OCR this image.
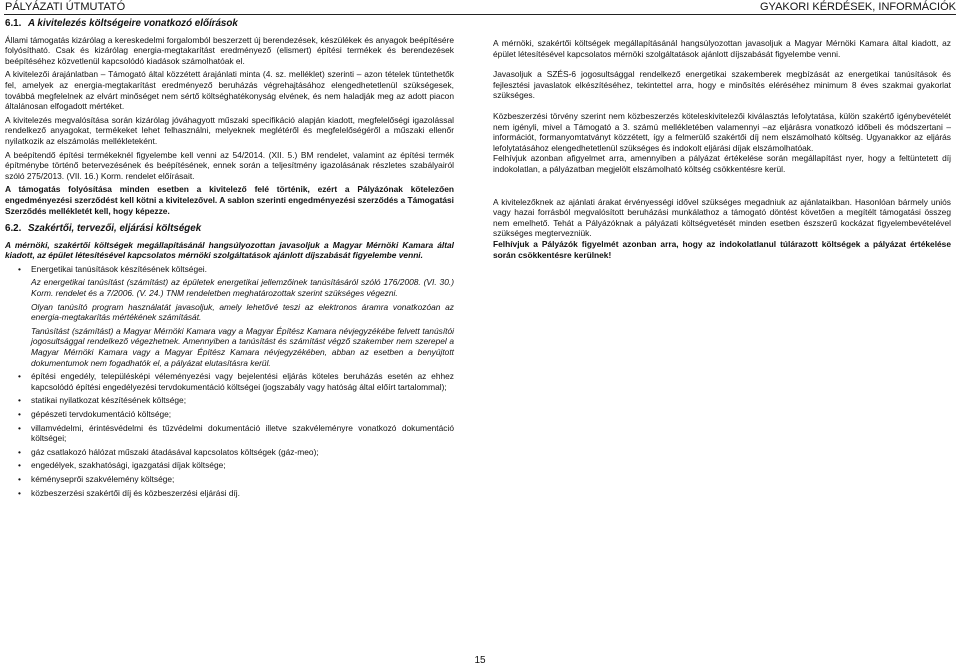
PÁLYÁZATI ÚTMUTATÓ	GYAKORI KÉRDÉSEK, INFORMÁCIÓK
6.1. A kivitelezés költségeire vonatkozó előírások

Állami támogatás kizárólag a kereskedelmi forgalomból beszerzett új berendezések, készülékek és anyagok beépítésére folyósítható. Csak és kizárólag energia-megtakarítást eredményező (elismert) építési termékek és berendezések beépítéséhez közvetlenül kapcsolódó kiadások számolhatóak el.

A kivitelezői árajánlatban – Támogató által közzétett árajánlati minta (4. sz. melléklet) szerinti – azon tételek tüntethetők fel, amelyek az energia-megtakarítást eredményező beruházás végrehajtásához elengedhetetlenül szükségesek, továbbá megfelelnek az elvárt minőséget nem sértő költséghatékonyság elvének, és nem haladják meg az adott piacon általánosan elfogadott mértéket.

A kivitelezés megvalósítása során kizárólag jóváhagyott műszaki specifikáció alapján kiadott, megfelelőségi igazolással rendelkező anyagokat, termékeket lehet felhasználni, melyeknek meglétéről és megfelelőségéről a műszaki ellenőr nyilatkozik az elszámolás mellékleteként.

A beépítendő építési termékeknél figyelembe kell venni az 54/2014. (XII. 5.) BM rendelet, valamint az építési termék építménybe történő betervezésének és beépítésének, ennek során a teljesítmény igazolásának részletes szabályairól szóló 275/2013. (VII. 16.) Korm. rendelet előírásait.

A támogatás folyósítása minden esetben a kivitelező felé történik, ezért a Pályázónak kötelezően engedményezési szerződést kell kötni a kivitelezővel. A sablon szerinti engedményezési szerződés a Támogatási Szerződés mellékletét kell, hogy képezze.

6.2. Szakértői, tervezői, eljárási költségek

A mérnöki, szakértői költségek megállapításánál hangsúlyozottan javasoljuk a Magyar Mérnöki Kamara által kiadott, az épület létesítésével kapcsolatos mérnöki szolgáltatások ajánlott díjszabását figyelembe venni.

• Energetikai tanúsítások készítésének költségei.

Az energetikai tanúsítást (számítást) az épületek energetikai jellemzőinek tanúsításáról szóló 176/2008. (VI. 30.) Korm. rendelet és a 7/2006. (V. 24.) TNM rendeletben meghatározottak szerint szükséges végezni.

Olyan tanúsító program használatát javasoljuk, amely lehetővé teszi az elektronos áramra vonatkozóan az energia-megtakarítás mértékének számítását.

Tanúsítást (számítást) a Magyar Mérnöki Kamara vagy a Magyar Építész Kamara névjegyzékébe felvett tanúsítói jogosultsággal rendelkező végezhetnek. Amennyiben a tanúsítást és számítást végző szakember nem szerepel a Magyar Mérnöki Kamara vagy a Magyar Építész Kamara névjegyzékében, abban az esetben a benyújtott dokumentumok nem fogadhatók el, a pályázat elutasításra kerül.

• építési engedély, településképi véleményezési vagy bejelentési eljárás köteles beruházás esetén az ehhez kapcsolódó építési engedélyezési tervdokumentáció költségei (jogszabály vagy hatóság által előírt tartalommal);
• statikai nyilatkozat készítésének költsége;
• gépészeti tervdokumentáció költsége;
• villamvédelmi, érintésvédelmi és tűzvédelmi dokumentáció illetve szakvéleményre vonatkozó dokumentáció költségei;
• gáz csatlakozó hálózat műszaki átadásával kapcsolatos költségek (gáz-meo);
• engedélyek, szakhatósági, igazgatási díjak költsége;
• kéményseprői szakvélemény költsége;
• közbeszerzési szakértői díj és közbeszerzési eljárási díj.

A mérnöki, szakértői költségek megállapításánál hangsúlyozottan javasoljuk a Magyar Mérnöki Kamara által kiadott, az épület létesítésével kapcsolatos mérnöki szolgáltatások ajánlott díjszabását figyelembe venni.

Javasoljuk a SZÉS-6 jogosultsággal rendelkező energetikai szakemberek megbízását az energetikai tanúsítások és fejlesztési javaslatok elkészítéséhez, tekintettel arra, hogy e minősítés eléréséhez minimum 8 éves szakmai gyakorlat szükséges.

Közbeszerzési törvény szerint nem közbeszerzés köteleskivitelezői kiválasztás lefolytatása, külön szakértő igénybevételét nem igényli, mivel a Támogató a 3. számú mellékletében valamennyi –az eljárásra vonatkozó időbeli és módszertani – információt, formanyomtatványt közzétett, így a felmerülő szakértői díj nem elszámolható költség. Ugyanakkor az eljárás lefolytatásához elengedhetetlenül szükséges és indokolt eljárási díjak elszámolhatóak.

Felhívjuk azonban afigyelmet arra, amennyiben a pályázat értékelése során megállapítást nyer, hogy a feltüntetett díj indokolatlan, a pályázatban megjelölt elszámolható költség csökkentésre kerül.

A kivitelezőknek az ajánlati árakat érvényességi idővel szükséges megadniuk az ajánlataikban. Hasonlóan bármely uniós vagy hazai forrásból megvalósított beruházási munkálathoz a támogató döntést követően a megítélt támogatási összeg nem emelhető. Tehát a Pályázóknak a pályázati költségvetését minden esetben észszerű kockázat figyelembevételével szükséges megtervezniük.

Felhívjuk a Pályázók figyelmét azonban arra, hogy az indokolatlanul túlárazott költségek a pályázat értékelése során csökkentésre kerülnek!

15
